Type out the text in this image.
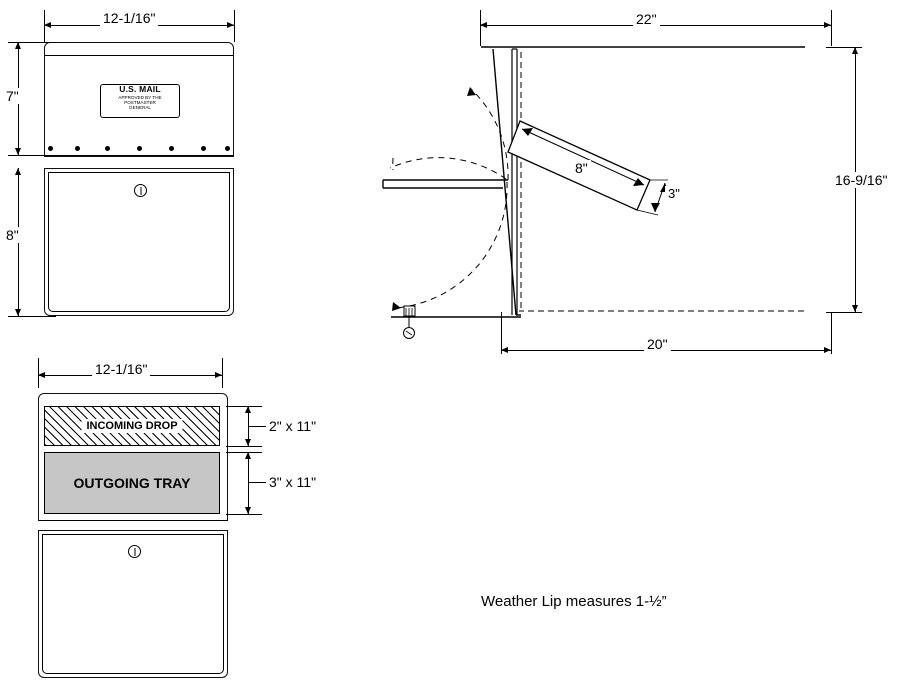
12-1/16"
U.S. MAIL
APPROVED BY THE
POSTMASTER
GENERAL
7"
8"
22"
8"
3"
16-9/16"
20"
12-1/16"
INCOMING DROP
OUTGOING TRAY
2" x 11"
3" x 11"
Weather Lip measures 1-½”
